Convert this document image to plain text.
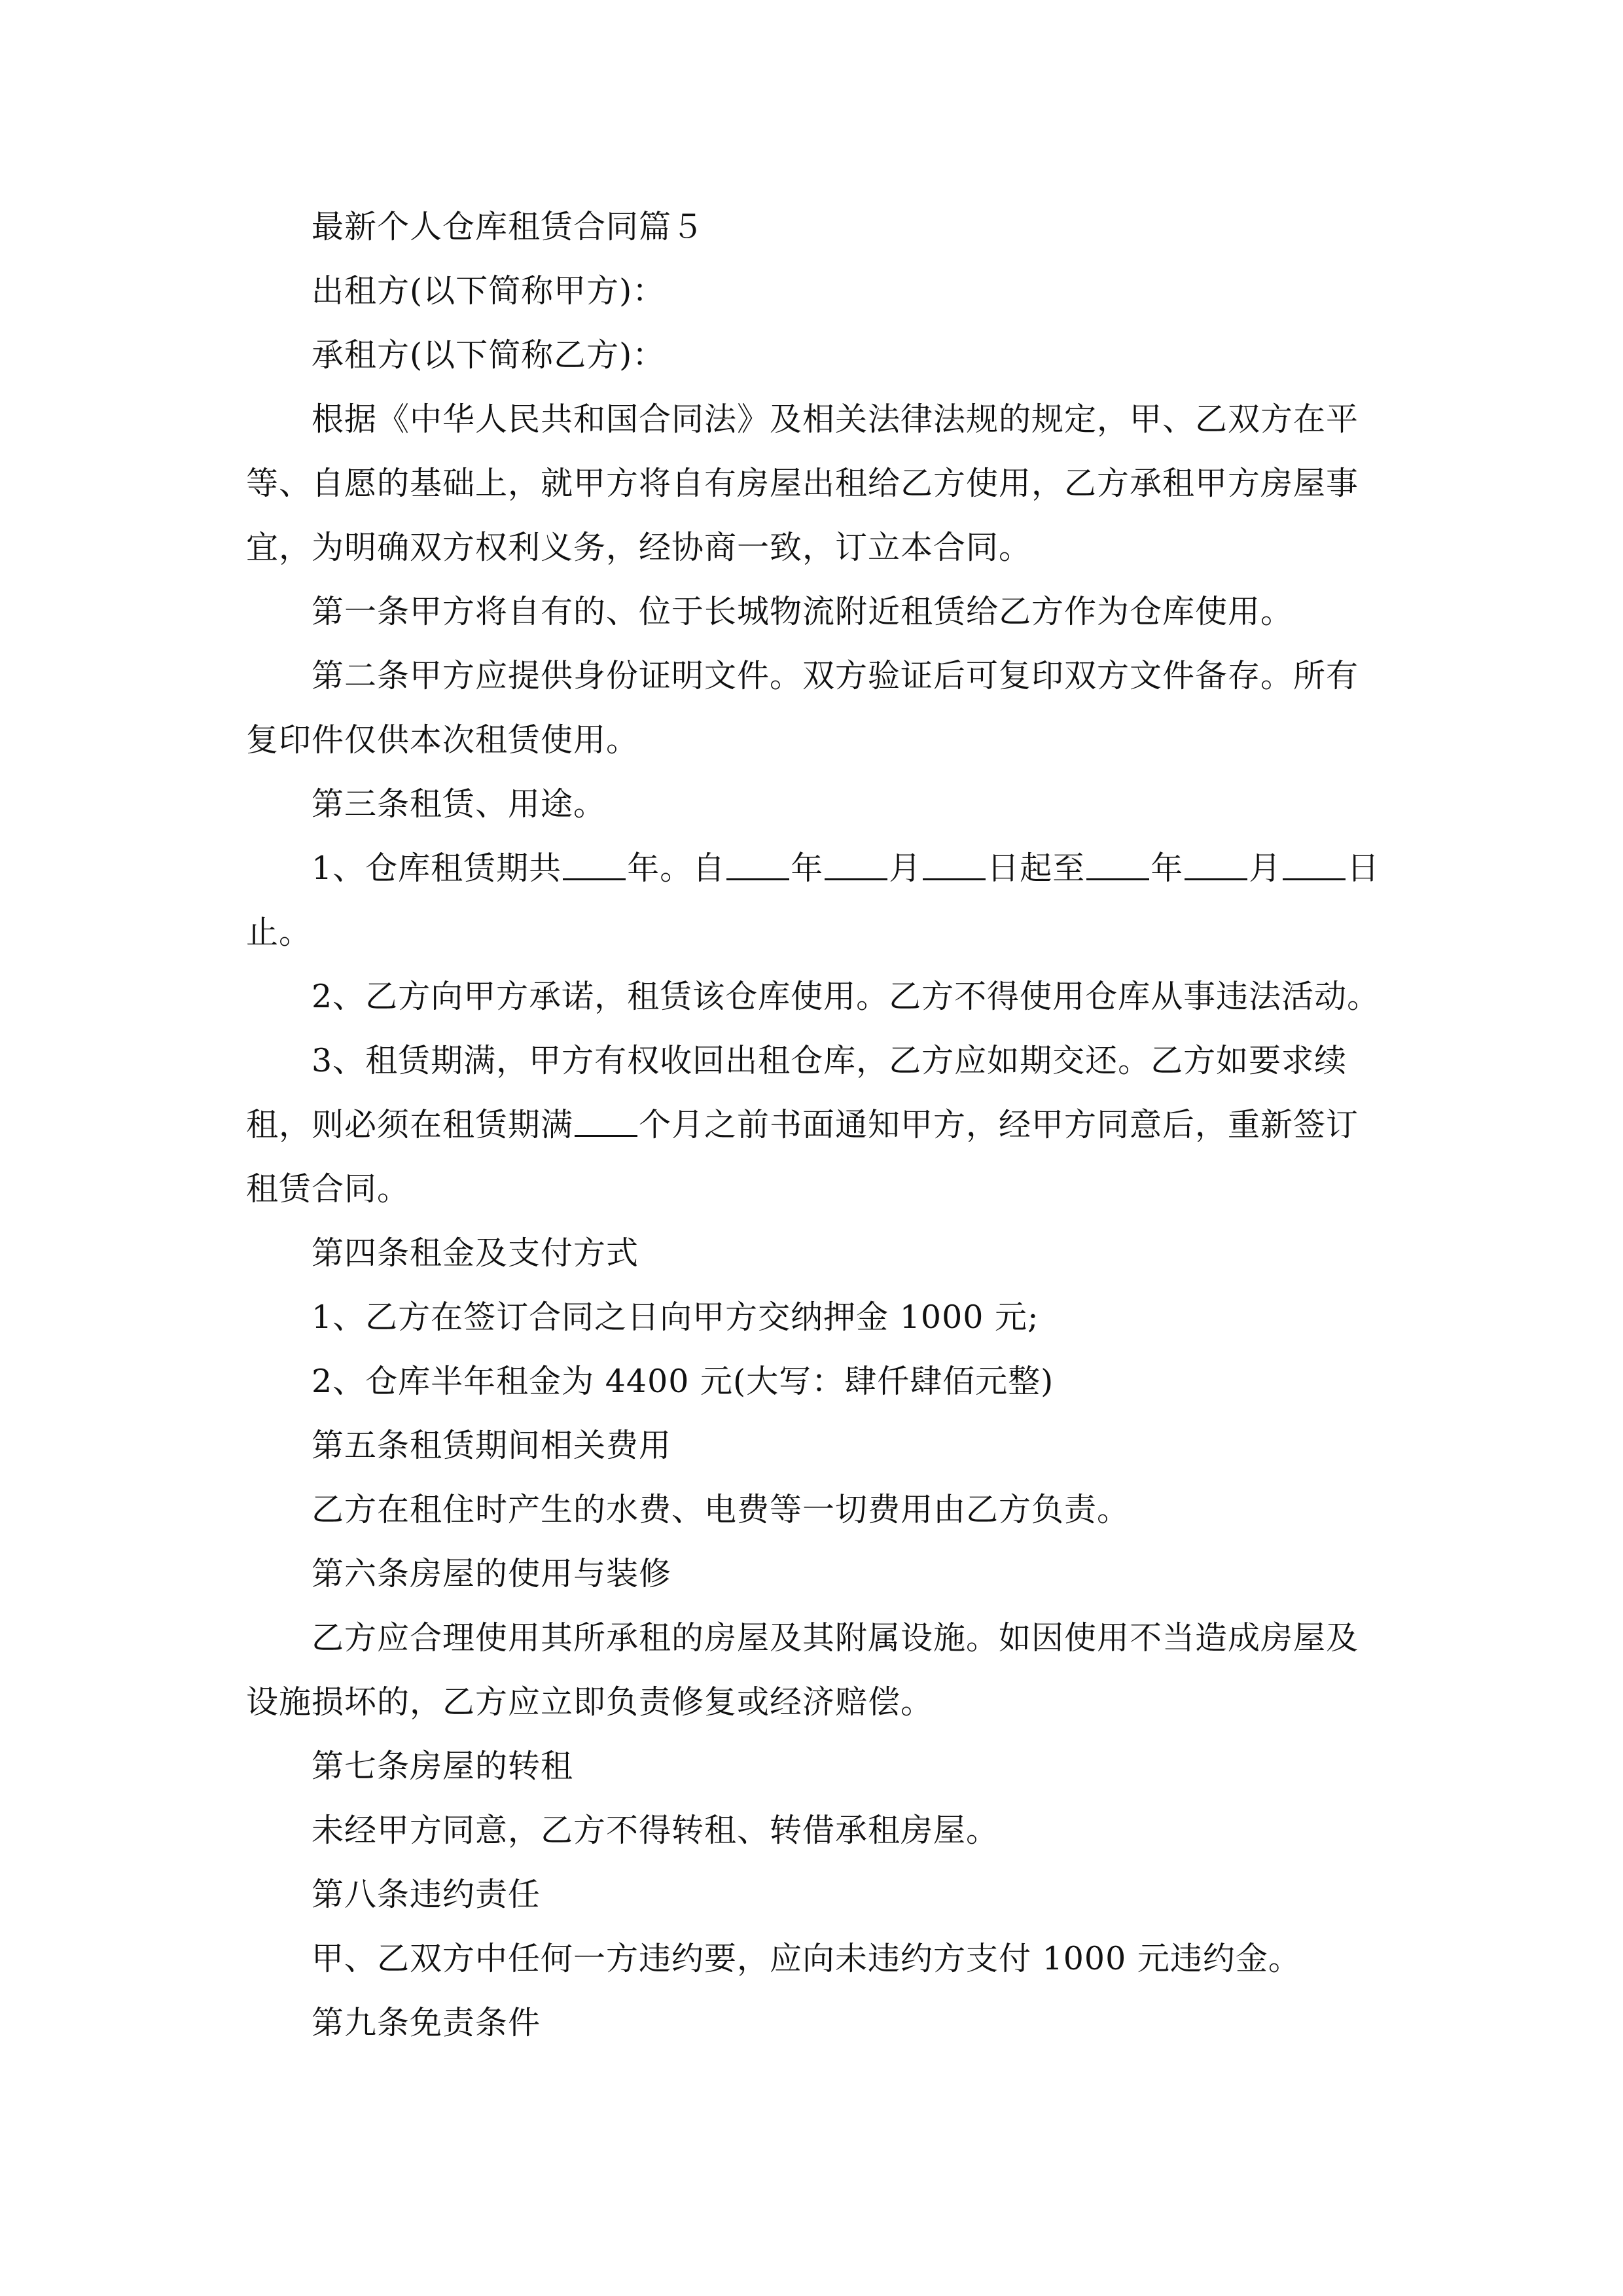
最新个人仓库租赁合同篇５

出租方(以下简称甲方)：

承租方(以下简称乙方)：

根据《中华人民共和国合同法》及相关法律法规的规定，甲、乙双方在平等、自愿的基础上，就甲方将自有房屋出租给乙方使用，乙方承租甲方房屋事宜，为明确双方权利义务，经协商一致，订立本合同。

第一条甲方将自有的、位于长城物流附近租赁给乙方作为仓库使用。

第二条甲方应提供身份证明文件。双方验证后可复印双方文件备存。所有复印件仅供本次租赁使用。

第三条租赁、用途。

1、仓库租赁期共 年。自 年 月 日起至 年 月 日止。

2、乙方向甲方承诺，租赁该仓库使用。乙方不得使用仓库从事违法活动。

3、租赁期满，甲方有权收回出租仓库，乙方应如期交还。乙方如要求续租，则必须在租赁期满 个月之前书面通知甲方，经甲方同意后，重新签订租赁合同。

第四条租金及支付方式

1、乙方在签订合同之日向甲方交纳押金 1000 元;

2、仓库半年租金为 4400 元(大写：肆仟肆佰元整)

第五条租赁期间相关费用

乙方在租住时产生的水费、电费等一切费用由乙方负责。

第六条房屋的使用与装修

乙方应合理使用其所承租的房屋及其附属设施。如因使用不当造成房屋及设施损坏的，乙方应立即负责修复或经济赔偿。

第七条房屋的转租

未经甲方同意，乙方不得转租、转借承租房屋。

第八条违约责任

甲、乙双方中任何一方违约要，应向未违约方支付 1000 元违约金。

第九条免责条件
